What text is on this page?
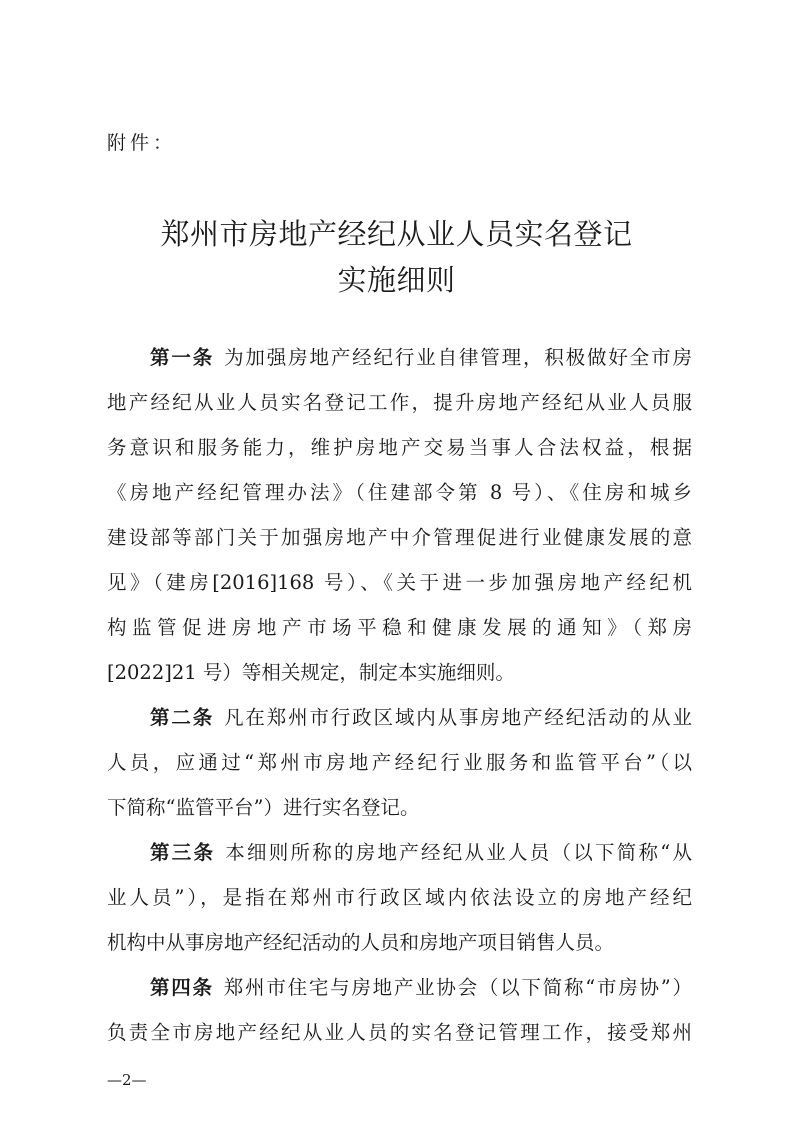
附件：

郑州市房地产经纪从业人员实名登记
实施细则

第一条 为加强房地产经纪行业自律管理，积极做好全市房

地产经纪从业人员实名登记工作，提升房地产经纪从业人员服

务意识和服务能力，维护房地产交易当事人合法权益，根据

《房地产经纪管理办法》（住建部令第 8 号）、《住房和城乡

建设部等部门关于加强房地产中介管理促进行业健康发展的意

见》（建房[2016]168 号）、《关于进一步加强房地产经纪机

构监管促进房地产市场平稳和健康发展的通知》（郑房

[2022]21 号）等相关规定，制定本实施细则。

第二条 凡在郑州市行政区域内从事房地产经纪活动的从业

人员，应通过“郑州市房地产经纪行业服务和监管平台”（以

下简称“监管平台”）进行实名登记。

第三条 本细则所称的房地产经纪从业人员（以下简称“从

业人员”），是指在郑州市行政区域内依法设立的房地产经纪

机构中从事房地产经纪活动的人员和房地产项目销售人员。

第四条 郑州市住宅与房地产业协会（以下简称“市房协”）

负责全市房地产经纪从业人员的实名登记管理工作，接受郑州

—2—
